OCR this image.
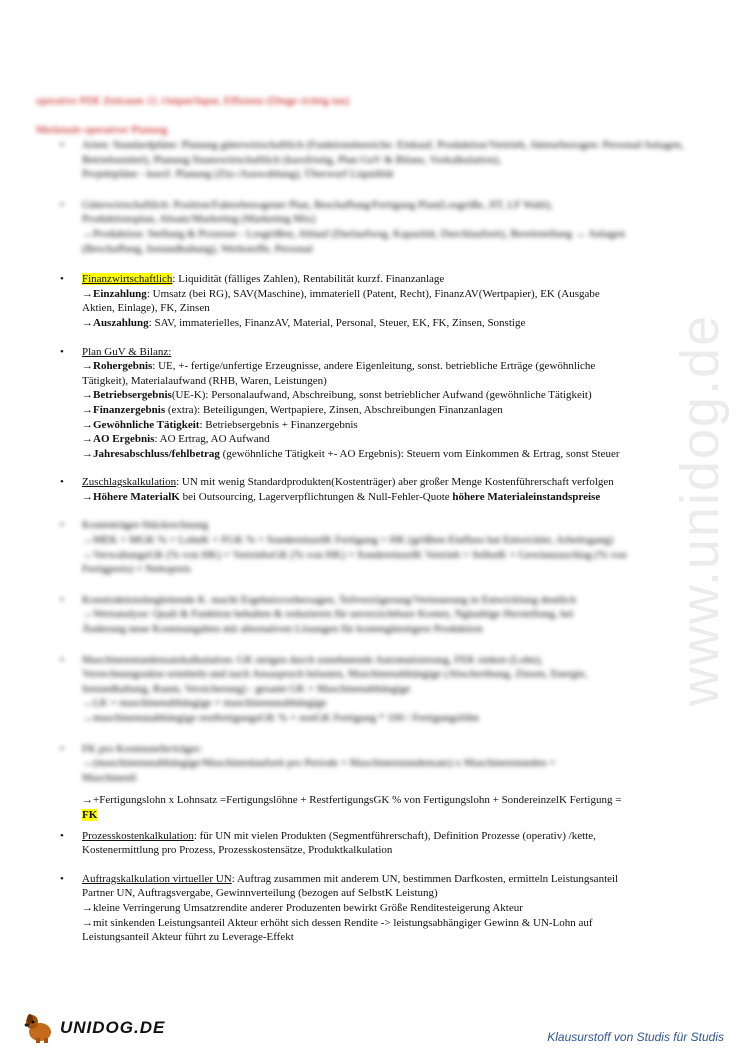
www.unidog.de
operative PDE Zeitraum 1J, Output/Input, Effizienz (Dinge richtig tun)
Merkmale operativer Planung
• Arten: Standardpläne: Planung güterwirtschaftlich (Funktionsbereiche: Einkauf, Produktion/Vertrieb, Akteurbezogen: Personal/Anlagen, Betriebsmittel), Planung finanzwirtschaftlich (kurzfristig, Plan GuV & Bilanz, Vorkalkulation),
Projektpläne - kurzf. Planung (Ziu-/Auswahlung), Überwurf Liquidität
• Güterwirtschaftlich: Position/Faktorbezogener Plan, Beschaffung/Fertigung Plan(Losgröße, JIT, LF Wahl),
Produktionsplan, Absatz/Marketing (Marketing Mix)
→Produktion: Stellung & Prozesse - Losgrößen, Ablauf (Durlaufweg, Kapazität, Durchlaufzeit), Bereitstellung → Anlagen
(Beschaffung, Instandhaltung), Werkstoffe, Personal
• Finanzwirtschaftlich: Liquidität (fälliges Zahlen), Rentabilität kurzf. Finanzanlage
→Einzahlung: Umsatz (bei RG), SAV(Maschine), immateriell (Patent, Recht), FinanzAV(Wertpapier), EK (Ausgabe
Aktien, Einlage), FK, Zinsen
→Auszahlung: SAV, immaterielles, FinanzAV, Material, Personal, Steuer, EK, FK, Zinsen, Sonstige
• Plan GuV & Bilanz:
→Rohergebnis: UE, +- fertige/unfertige Erzeugnisse, andere Eigenleitung, sonst. betriebliche Erträge (gewöhnliche
Tätigkeit), Materialaufwand (RHB, Waren, Leistungen)
→Betriebsergebnis(UE-K): Personalaufwand, Abschreibung, sonst betrieblicher Aufwand (gewöhnliche Tätigkeit)
→Finanzergebnis (extra): Beteiligungen, Wertpapiere, Zinsen, Abschreibungen Finanzanlagen
→Gewöhnliche Tätigkeit: Betriebsergebnis + Finanzergebnis
→AO Ergebnis: AO Ertrag, AO Aufwand
→Jahresabschluss/fehlbetrag (gewöhnliche Tätigkeit +- AO Ergebnis): Steuern vom Einkommen & Ertrag, sonst Steuer
• Zuschlagskalkulation: UN mit wenig Standardprodukten(Kostenträger) aber großer Menge Kostenführerschaft verfolgen
→Höhere MaterialK bei Outsourcing, Lagerverpflichtungen & Null-Fehler-Quote höhere Materialeinstandspreise
• Kostenträger-Stückrechnung
→MEK + MGK % = LohnK + FGK % = SondereinzelK Fertigung = HK (größten Einfluss hat Entwickler, Arbeitsgang)
→VerwaltungsGK (% von HK) + VertriebsGK (% von HK) + SondereinzelK Vertrieb = SelbstK + Gewinnzuschlag (% von
Fertigpreis) = Nettopreis
• Konstruktionsbegleitende K. macht Ergebnisvorhersagen, Teilverzögerung/Verteuerung in Entwicklung deutlich
→Wertanalyse: Quali & Funktion behalten & reduzieren für unverzichtbare Kosten, Nglaubige Herstellung, bei
Änderung neue Kostenangaben mit alternativen Lösungen für kostengünstigere Produktion
• Maschinenstundensatzkalkulation: GK steigen durch zunehmende Automatisierung, FEK sinken (Lohn),
Verrechnungssätze ermitteln und nach Ansaspruch belasten, Maschinenabhängige (Abschreibung, Zinsen, Energie,
Instandhaltung, Raum, Versicherung) - gesamt GK = Maschinenabhängige
→LK = maschinenabhängige + maschinenunabhängige
→maschinenunabhängige restfertigungsGK % + restGK Fertigung * 100 / Fertigungslöhn
• FK pro Kostenstelle/träger:
→(maschinenunabhängige/Maschinenlaufzeit pro Periode = Maschinenstundensatz) x Maschinenstunden =
Maschinenll
→+Fertigungslohn x Lohnsatz =Fertigungslöhne + RestfertigungsGK % von Fertigungslohn + SondereinzelK Fertigung =
FK
• Prozesskostenkalkulation: für UN mit vielen Produkten (Segmentführerschaft), Definition Prozesse (operativ) /kette,
Kostenermittlung pro Prozess, Prozesskostensätze, Produktkalkulation
• Auftragskalkulation virtueller UN: Auftrag zusammen mit anderem UN, bestimmen Darfkosten, ermitteln Leistungsanteil
Partner UN, Auftragsvergabe, Gewinnverteilung (bezogen auf SelbstK Leistung)
→kleine Verringerung Umsatzrendite anderer Produzenten bewirkt Größe Renditesteigerung Akteur
→mit sinkenden Leistungsanteil Akteur erhöht sich dessen Rendite -> leistungsabhängiger Gewinn & UN-Lohn auf
Leistungsanteil Akteur führt zu Leverage-Effekt
UNIDOG.DE	Klausurstoff von Studis für Studis
